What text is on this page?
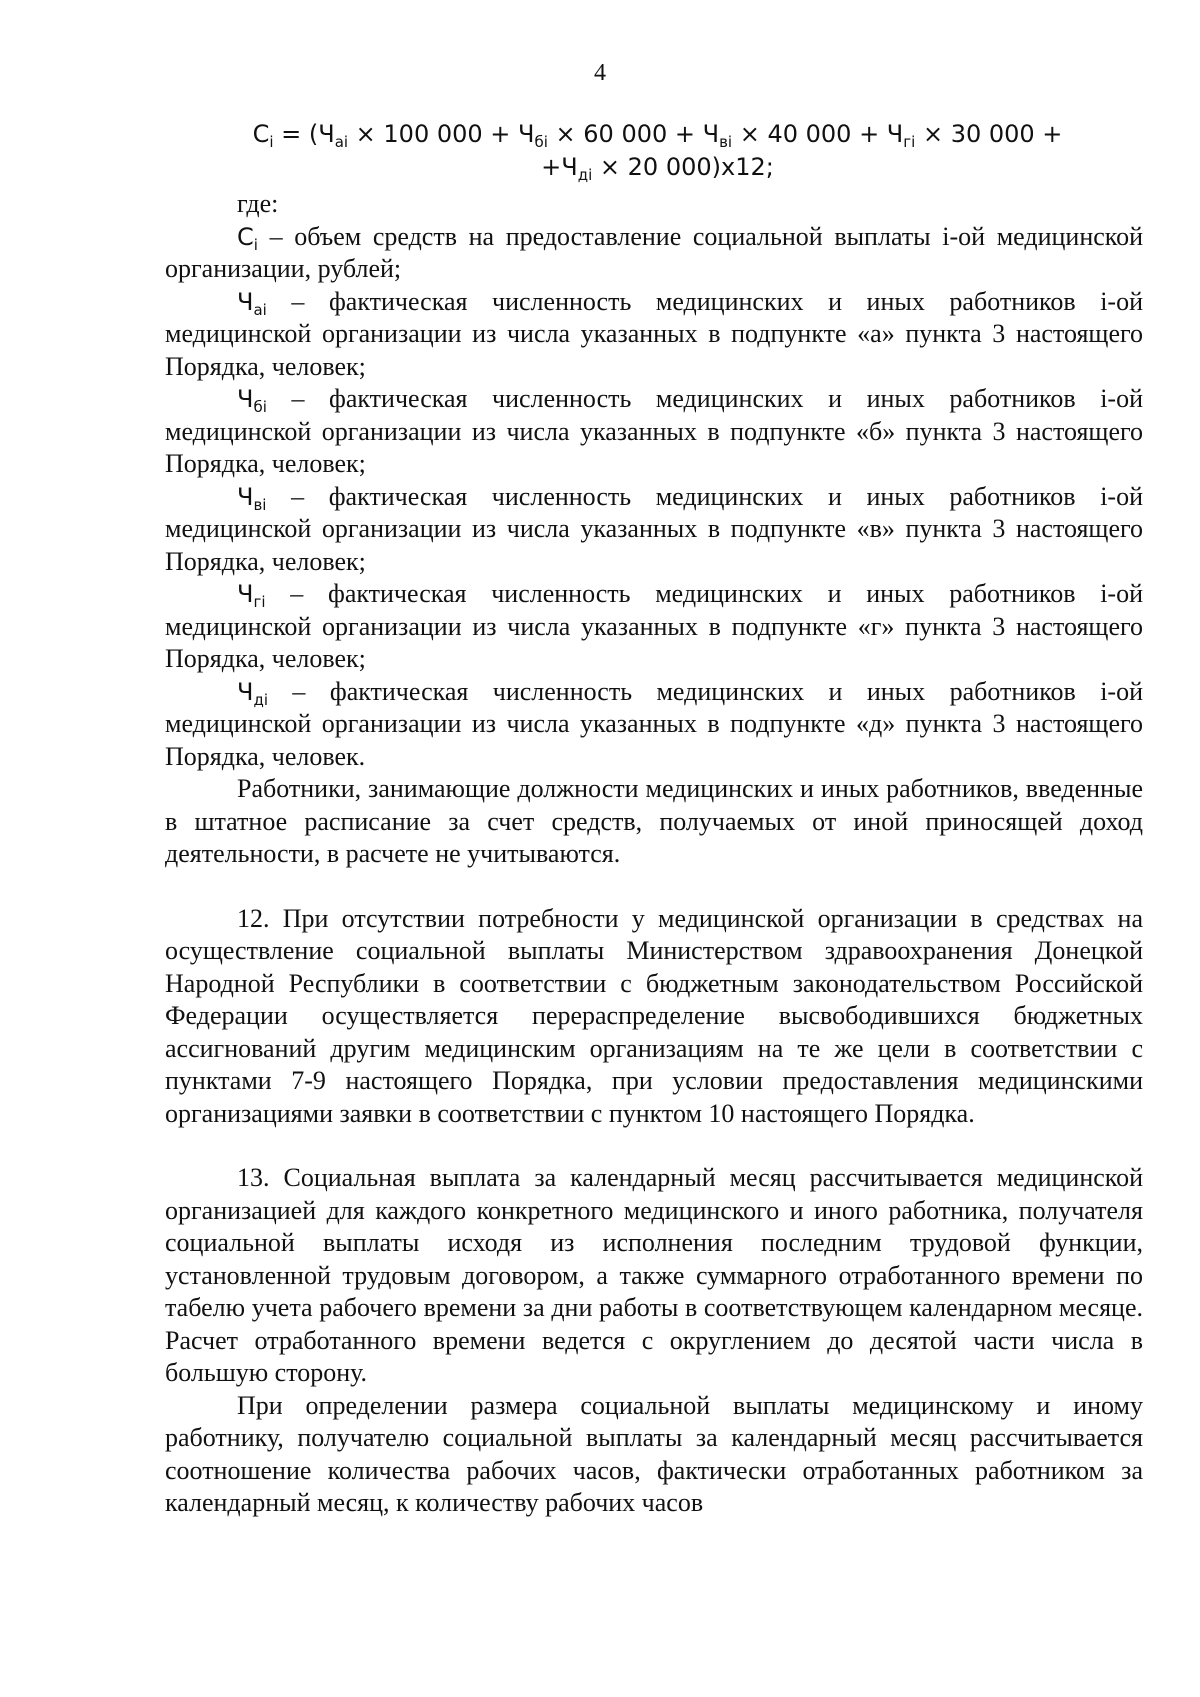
4
$C_i = (Ч_{ai} \times 100$ $000 + Ч_{бi} \times 60$ $000 + Ч_{вi} \times 40$ $000 + Ч_{гi} \times 30$ 000 +
$+Ч_{дi} \times 20$ 000)x12;

где:

$C_i$ – объем средств на предоставление социальной выплаты i-ой медицинской организации, рублей;

$Ч_{ai}$ – фактическая численность медицинских и иных работников i-ой медицинской организации из числа указанных в подпункте «а» пункта 3 настоящего Порядка, человек;

$Ч_{бi}$ – фактическая численность медицинских и иных работников i-ой медицинской организации из числа указанных в подпункте «б» пункта 3 настоящего Порядка, человек;

$Ч_{вi}$ – фактическая численность медицинских и иных работников i-ой медицинской организации из числа указанных в подпункте «в» пункта 3 настоящего Порядка, человек;

$Ч_{гi}$ – фактическая численность медицинских и иных работников i-ой медицинской организации из числа указанных в подпункте «г» пункта 3 настоящего Порядка, человек;

$Ч_{дi}$ – фактическая численность медицинских и иных работников i-ой медицинской организации из числа указанных в подпункте «д» пункта 3 настоящего Порядка, человек.

Работники, занимающие должности медицинских и иных работников, введенные в штатное расписание за счет средств, получаемых от иной приносящей доход деятельности, в расчете не учитываются.

12. При отсутствии потребности у медицинской организации в средствах на осуществление социальной выплаты Министерством здравоохранения Донецкой Народной Республики в соответствии с бюджетным законодательством Российской Федерации осуществляется перераспределение высвободившихся бюджетных ассигнований другим медицинским организациям на те же цели в соответствии с пунктами 7-9 настоящего Порядка, при условии предоставления медицинскими организациями заявки в соответствии с пунктом 10 настоящего Порядка.

13. Социальная выплата за календарный месяц рассчитывается медицинской организацией для каждого конкретного медицинского и иного работника, получателя социальной выплаты исходя из исполнения последним трудовой функции, установленной трудовым договором, а также суммарного отработанного времени по табелю учета рабочего времени за дни работы в соответствующем календарном месяце. Расчет отработанного времени ведется с округлением до десятой части числа в большую сторону.

При определении размера социальной выплаты медицинскому и иному работнику, получателю социальной выплаты за календарный месяц рассчитывается соотношение количества рабочих часов, фактически отработанных работником за календарный месяц, к количеству рабочих часов
